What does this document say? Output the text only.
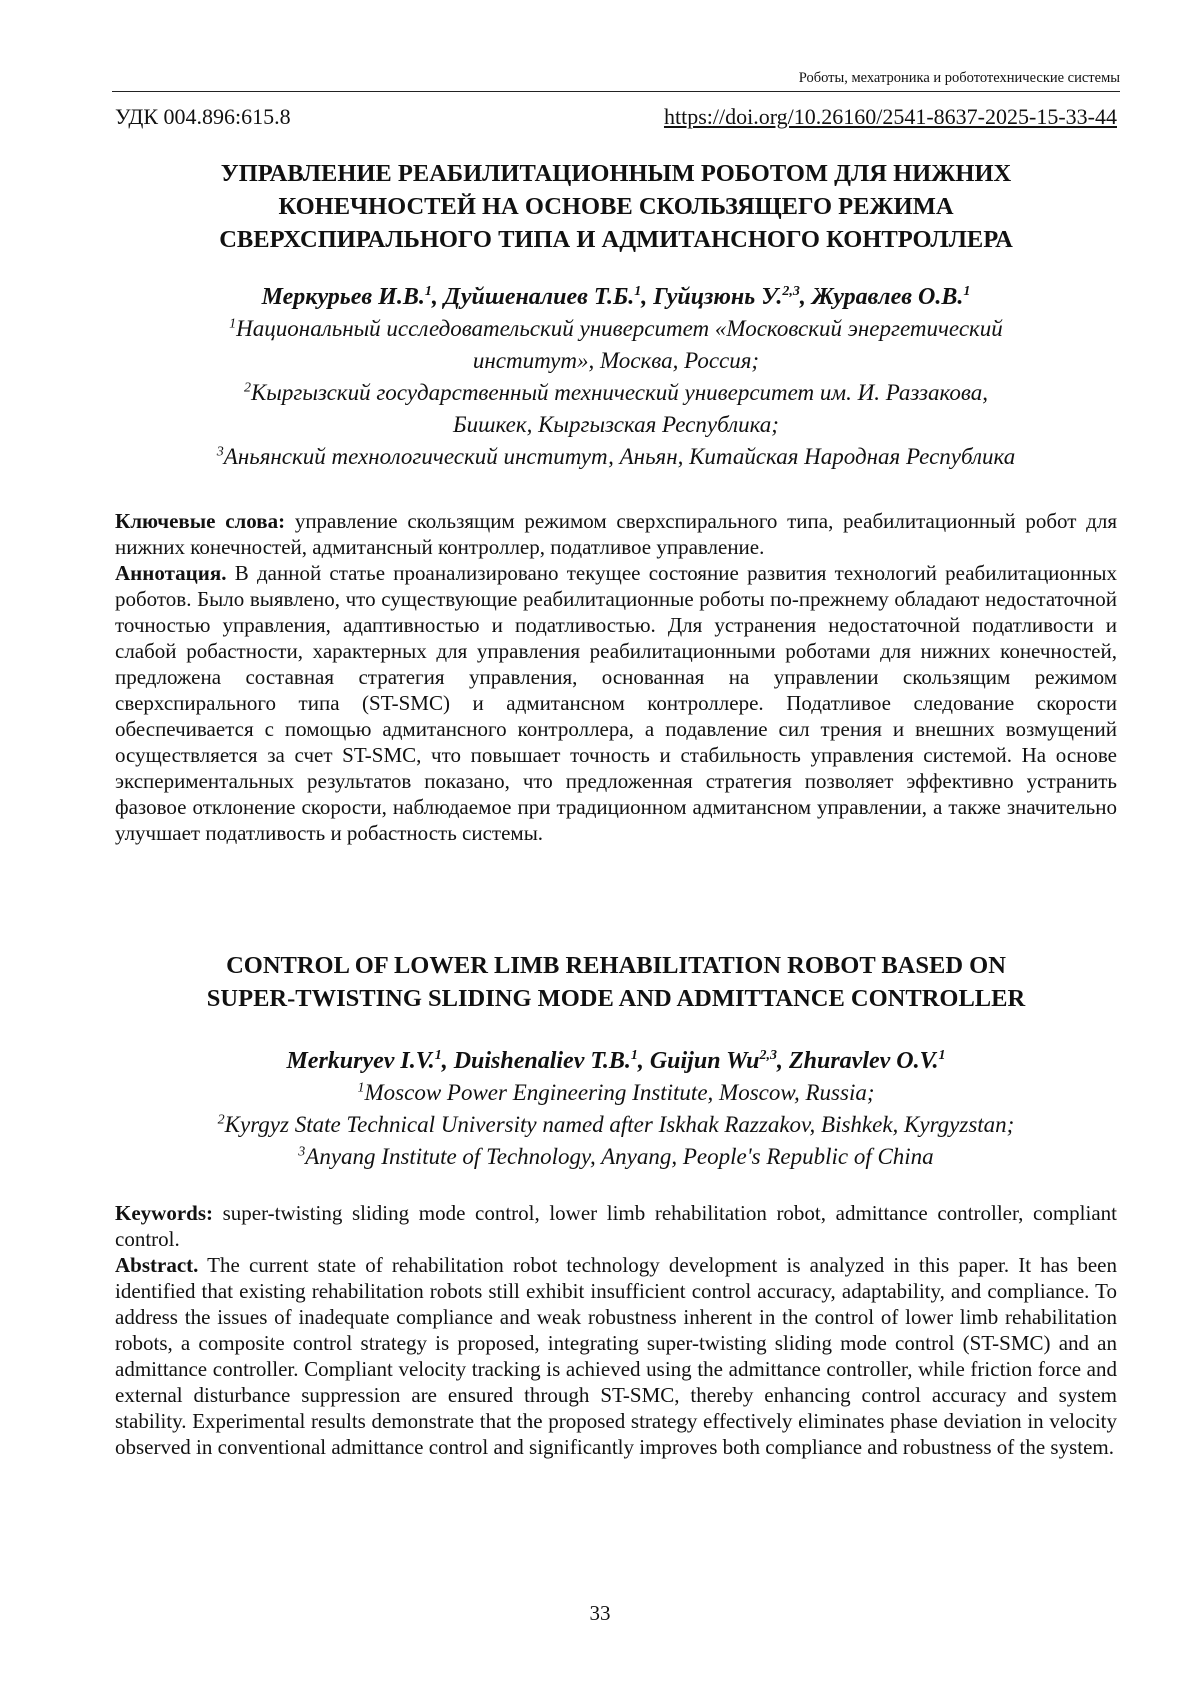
Роботы, мехатроника и робототехнические системы
УДК 004.896:615.8	https://doi.org/10.26160/2541-8637-2025-15-33-44
УПРАВЛЕНИЕ РЕАБИЛИТАЦИОННЫМ РОБОТОМ ДЛЯ НИЖНИХ
КОНЕЧНОСТЕЙ НА ОСНОВЕ СКОЛЬЗЯЩЕГО РЕЖИМА
СВЕРХСПИРАЛЬНОГО ТИПА И АДМИТАНСНОГО КОНТРОЛЛЕРА
Меркурьев И.В.$^1$, Дуйшеналиев Т.Б.$^1$, Гуйцзюнь У.$^{2,3}$, Журавлев О.В.$^1$
$^1$Национальный исследовательский университет «Московский энергетический
институт», Москва, Россия;
$^2$Кыргызский государственный технический университет им. И. Раззакова,
Бишкек, Кыргызская Республика;
$^3$Аньянский технологический институт, Аньян, Китайская Народная Республика

Ключевые слова: управление скользящим режимом сверхспирального типа, реабилитационный робот для нижних конечностей, адмитансный контроллер, податливое управление.

Аннотация. В данной статье проанализировано текущее состояние развития технологий реабилитационных роботов. Было выявлено, что существующие реабилитационные роботы по-прежнему обладают недостаточной точностью управления, адаптивностью и податливостью. Для устранения недостаточной податливости и слабой робастности, характерных для управления реабилитационными роботами для нижних конечностей, предложена составная стратегия управления, основанная на управлении скользящим режимом сверхспирального типа (ST-SMC) и адмитансном контроллере. Податливое следование скорости обеспечивается с помощью адмитансного контроллера, а подавление сил трения и внешних возмущений осуществляется за счет ST-SMC, что повышает точность и стабильность управления системой. На основе экспериментальных результатов показано, что предложенная стратегия позволяет эффективно устранить фазовое отклонение скорости, наблюдаемое при традиционном адмитансном управлении, а также значительно улучшает податливость и робастность системы.

CONTROL OF LOWER LIMB REHABILITATION ROBOT BASED ON
SUPER-TWISTING SLIDING MODE AND ADMITTANCE CONTROLLER
Merkuryev I.V.$^1$, Duishenaliev T.B.$^1$, Guijun Wu$^{2,3}$, Zhuravlev O.V.$^1$
$^1$Moscow Power Engineering Institute, Moscow, Russia;
$^2$Kyrgyz State Technical University named after Iskhak Razzakov, Bishkek, Kyrgyzstan;
$^3$Anyang Institute of Technology, Anyang, People's Republic of China

Keywords: super-twisting sliding mode control, lower limb rehabilitation robot, admittance controller, compliant control.

Abstract. The current state of rehabilitation robot technology development is analyzed in this paper. It has been identified that existing rehabilitation robots still exhibit insufficient control accuracy, adaptability, and compliance. To address the issues of inadequate compliance and weak robustness inherent in the control of lower limb rehabilitation robots, a composite control strategy is proposed, integrating super-twisting sliding mode control (ST-SMC) and an admittance controller. Compliant velocity tracking is achieved using the admittance controller, while friction force and external disturbance suppression are ensured through ST-SMC, thereby enhancing control accuracy and system stability. Experimental results demonstrate that the proposed strategy effectively eliminates phase deviation in velocity observed in conventional admittance control and significantly improves both compliance and robustness of the system.

33
